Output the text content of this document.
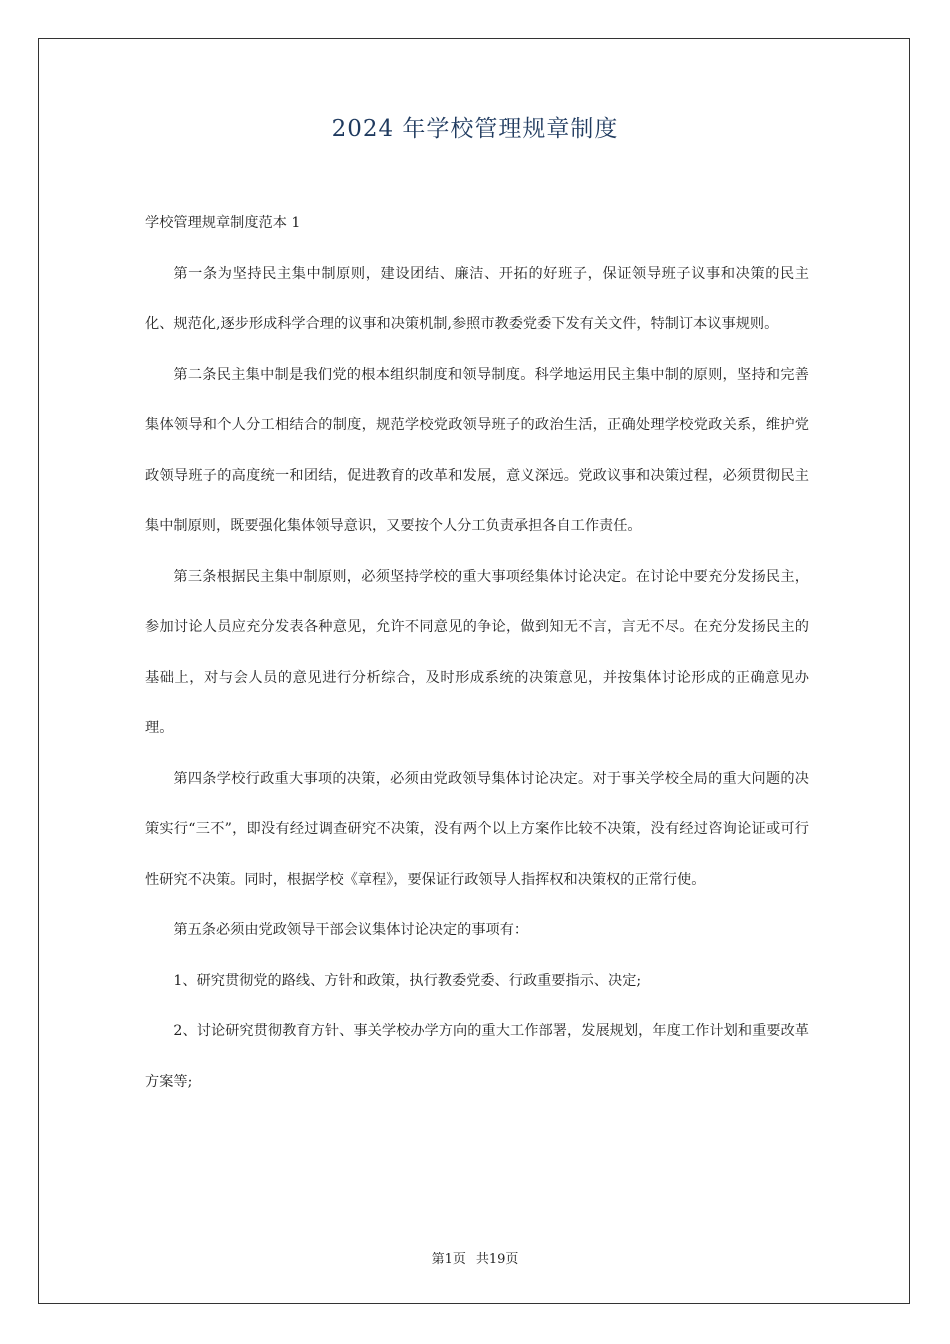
2024 年学校管理规章制度

学校管理规章制度范本 1

第一条为坚持民主集中制原则，建设团结、廉洁、开拓的好班子，保证领导班子议事和决策的民主化、规范化,逐步形成科学合理的议事和决策机制,参照市教委党委下发有关文件，特制订本议事规则。

第二条民主集中制是我们党的根本组织制度和领导制度。科学地运用民主集中制的原则，坚持和完善集体领导和个人分工相结合的制度，规范学校党政领导班子的政治生活，正确处理学校党政关系，维护党政领导班子的高度统一和团结，促进教育的改革和发展，意义深远。党政议事和决策过程，必须贯彻民主集中制原则，既要强化集体领导意识，又要按个人分工负责承担各自工作责任。

第三条根据民主集中制原则，必须坚持学校的重大事项经集体讨论决定。在讨论中要充分发扬民主，参加讨论人员应充分发表各种意见，允许不同意见的争论，做到知无不言，言无不尽。在充分发扬民主的基础上，对与会人员的意见进行分析综合，及时形成系统的决策意见，并按集体讨论形成的正确意见办理。

第四条学校行政重大事项的决策，必须由党政领导集体讨论决定。对于事关学校全局的重大问题的决策实行“三不”，即没有经过调查研究不决策，没有两个以上方案作比较不决策，没有经过咨询论证或可行性研究不决策。同时，根据学校《章程》，要保证行政领导人指挥权和决策权的正常行使。

第五条必须由党政领导干部会议集体讨论决定的事项有：

1、研究贯彻党的路线、方针和政策，执行教委党委、行政重要指示、决定;

2、讨论研究贯彻教育方针、事关学校办学方向的重大工作部署，发展规划，年度工作计划和重要改革方案等;

第1页 共19页
